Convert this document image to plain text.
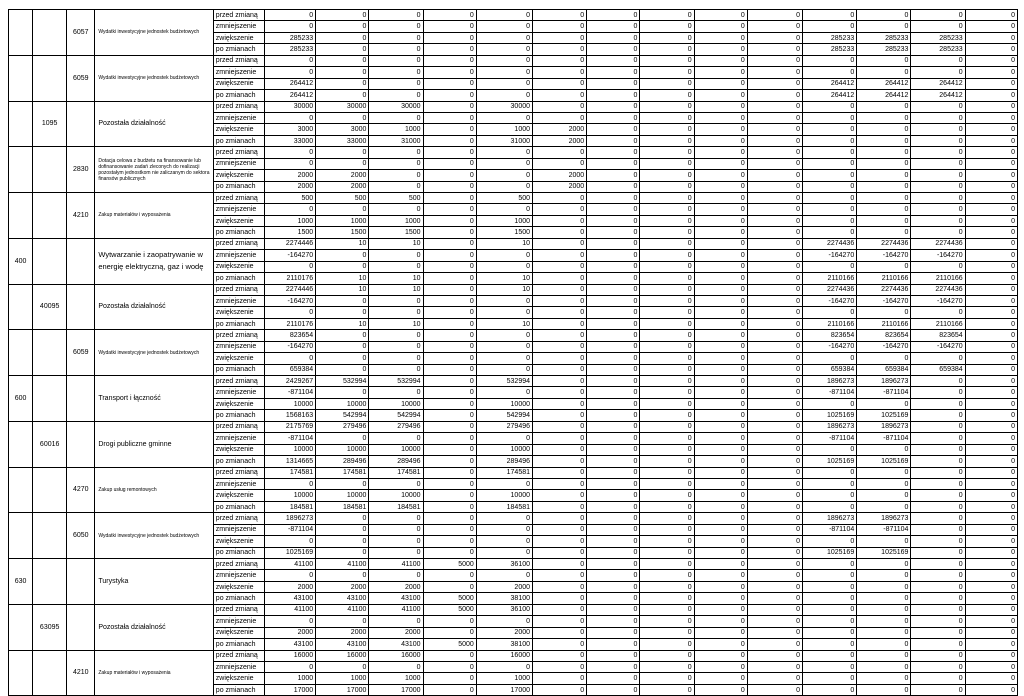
		6057	Wydatki inwestycyjne jednostek budżetowych	przed zmianą	0	0	0	0	0	0	0	0	0	0	0	0	0	0
				zmniejszenie	0	0	0	0	0	0	0	0	0	0	0	0	0	0
				zwiększenie	285233	0	0	0	0	0	0	0	0	0	285233	285233	285233	0
				po zmianach	285233	0	0	0	0	0	0	0	0	0	285233	285233	285233	0
		6059	Wydatki inwestycyjne jednostek budżetowych	przed zmianą	0	0	0	0	0	0	0	0	0	0	0	0	0	0
				zmniejszenie	0	0	0	0	0	0	0	0	0	0	0	0	0	0
				zwiększenie	264412	0	0	0	0	0	0	0	0	0	264412	264412	264412	0
				po zmianach	264412	0	0	0	0	0	0	0	0	0	264412	264412	264412	0
	1095		Pozostała działalność	przed zmianą	30000	30000	30000	0	30000	0	0	0	0	0	0	0	0	0
				zmniejszenie	0	0	0	0	0	0	0	0	0	0	0	0	0	0
				zwiększenie	3000	3000	1000	0	1000	2000	0	0	0	0	0	0	0	0
				po zmianach	33000	33000	31000	0	31000	2000	0	0	0	0	0	0	0	0
		2830	Dotacja celowa z budżetu na finansowanie lub dofinansowanie zadań zleconych do realizacji pozostałym jednostkom nie zaliczanym do sektora finansów publicznych	przed zmianą	0	0	0	0	0	0	0	0	0	0	0	0	0	0
				zmniejszenie	0	0	0	0	0	0	0	0	0	0	0	0	0	0
				zwiększenie	2000	2000	0	0	0	2000	0	0	0	0	0	0	0	0
				po zmianach	2000	2000	0	0	0	2000	0	0	0	0	0	0	0	0
		4210	Zakup materiałów i wyposażenia	przed zmianą	500	500	500	0	500	0	0	0	0	0	0	0	0	0
				zmniejszenie	0	0	0	0	0	0	0	0	0	0	0	0	0	0
				zwiększenie	1000	1000	1000	0	1000	0	0	0	0	0	0	0	0	0
				po zmianach	1500	1500	1500	0	1500	0	0	0	0	0	0	0	0	0
400			Wytwarzanie i zaopatrywanie w energię elektryczną, gaz i wodę	przed zmianą	2274446	10	10	0	10	0	0	0	0	0	2274436	2274436	2274436	0
				zmniejszenie	-164270	0	0	0	0	0	0	0	0	0	-164270	-164270	-164270	0
				zwiększenie	0	0	0	0	0	0	0	0	0	0	0	0	0	0
				po zmianach	2110176	10	10	0	10	0	0	0	0	0	2110166	2110166	2110166	0
	40095		Pozostała działalność	przed zmianą	2274446	10	10	0	10	0	0	0	0	0	2274436	2274436	2274436	0
				zmniejszenie	-164270	0	0	0	0	0	0	0	0	0	-164270	-164270	-164270	0
				zwiększenie	0	0	0	0	0	0	0	0	0	0	0	0	0	0
				po zmianach	2110176	10	10	0	10	0	0	0	0	0	2110166	2110166	2110166	0
		6059	Wydatki inwestycyjne jednostek budżetowych	przed zmianą	823654	0	0	0	0	0	0	0	0	0	823654	823654	823654	0
				zmniejszenie	-164270	0	0	0	0	0	0	0	0	0	-164270	-164270	-164270	0
				zwiększenie	0	0	0	0	0	0	0	0	0	0	0	0	0	0
				po zmianach	659384	0	0	0	0	0	0	0	0	0	659384	659384	659384	0
600			Transport i łączność	przed zmianą	2429267	532994	532994	0	532994	0	0	0	0	0	1896273	1896273	0	0
				zmniejszenie	-871104	0	0	0	0	0	0	0	0	0	-871104	-871104	0	0
				zwiększenie	10000	10000	10000	0	10000	0	0	0	0	0	0	0	0	0
				po zmianach	1568163	542994	542994	0	542994	0	0	0	0	0	1025169	1025169	0	0
	60016		Drogi publiczne gminne	przed zmianą	2175769	279496	279496	0	279496	0	0	0	0	0	1896273	1896273	0	0
				zmniejszenie	-871104	0	0	0	0	0	0	0	0	0	-871104	-871104	0	0
				zwiększenie	10000	10000	10000	0	10000	0	0	0	0	0	0	0	0	0
				po zmianach	1314665	289496	289496	0	289496	0	0	0	0	0	1025169	1025169	0	0
		4270	Zakup usług remontowych	przed zmianą	174581	174581	174581	0	174581	0	0	0	0	0	0	0	0	0
				zmniejszenie	0	0	0	0	0	0	0	0	0	0	0	0	0	0
				zwiększenie	10000	10000	10000	0	10000	0	0	0	0	0	0	0	0	0
				po zmianach	184581	184581	184581	0	184581	0	0	0	0	0	0	0	0	0
		6050	Wydatki inwestycyjne jednostek budżetowych	przed zmianą	1896273	0	0	0	0	0	0	0	0	0	1896273	1896273	0	0
				zmniejszenie	-871104	0	0	0	0	0	0	0	0	0	-871104	-871104	0	0
				zwiększenie	0	0	0	0	0	0	0	0	0	0	0	0	0	0
				po zmianach	1025169	0	0	0	0	0	0	0	0	0	1025169	1025169	0	0
630			Turystyka	przed zmianą	41100	41100	41100	5000	36100	0	0	0	0	0	0	0	0	0
				zmniejszenie	0	0	0	0	0	0	0	0	0	0	0	0	0	0
				zwiększenie	2000	2000	2000	0	2000	0	0	0	0	0	0	0	0	0
				po zmianach	43100	43100	43100	5000	38100	0	0	0	0	0	0	0	0	0
	63095		Pozostała działalność	przed zmianą	41100	41100	41100	5000	36100	0	0	0	0	0	0	0	0	0
				zmniejszenie	0	0	0	0	0	0	0	0	0	0	0	0	0	0
				zwiększenie	2000	2000	2000	0	2000	0	0	0	0	0	0	0	0	0
				po zmianach	43100	43100	43100	5000	38100	0	0	0	0	0	0	0	0	0
		4210	Zakup materiałów i wyposażenia	przed zmianą	16000	16000	16000	0	16000	0	0	0	0	0	0	0	0	0
				zmniejszenie	0	0	0	0	0	0	0	0	0	0	0	0	0	0
				zwiększenie	1000	1000	1000	0	1000	0	0	0	0	0	0	0	0	0
				po zmianach	17000	17000	17000	0	17000	0	0	0	0	0	0	0	0	0
